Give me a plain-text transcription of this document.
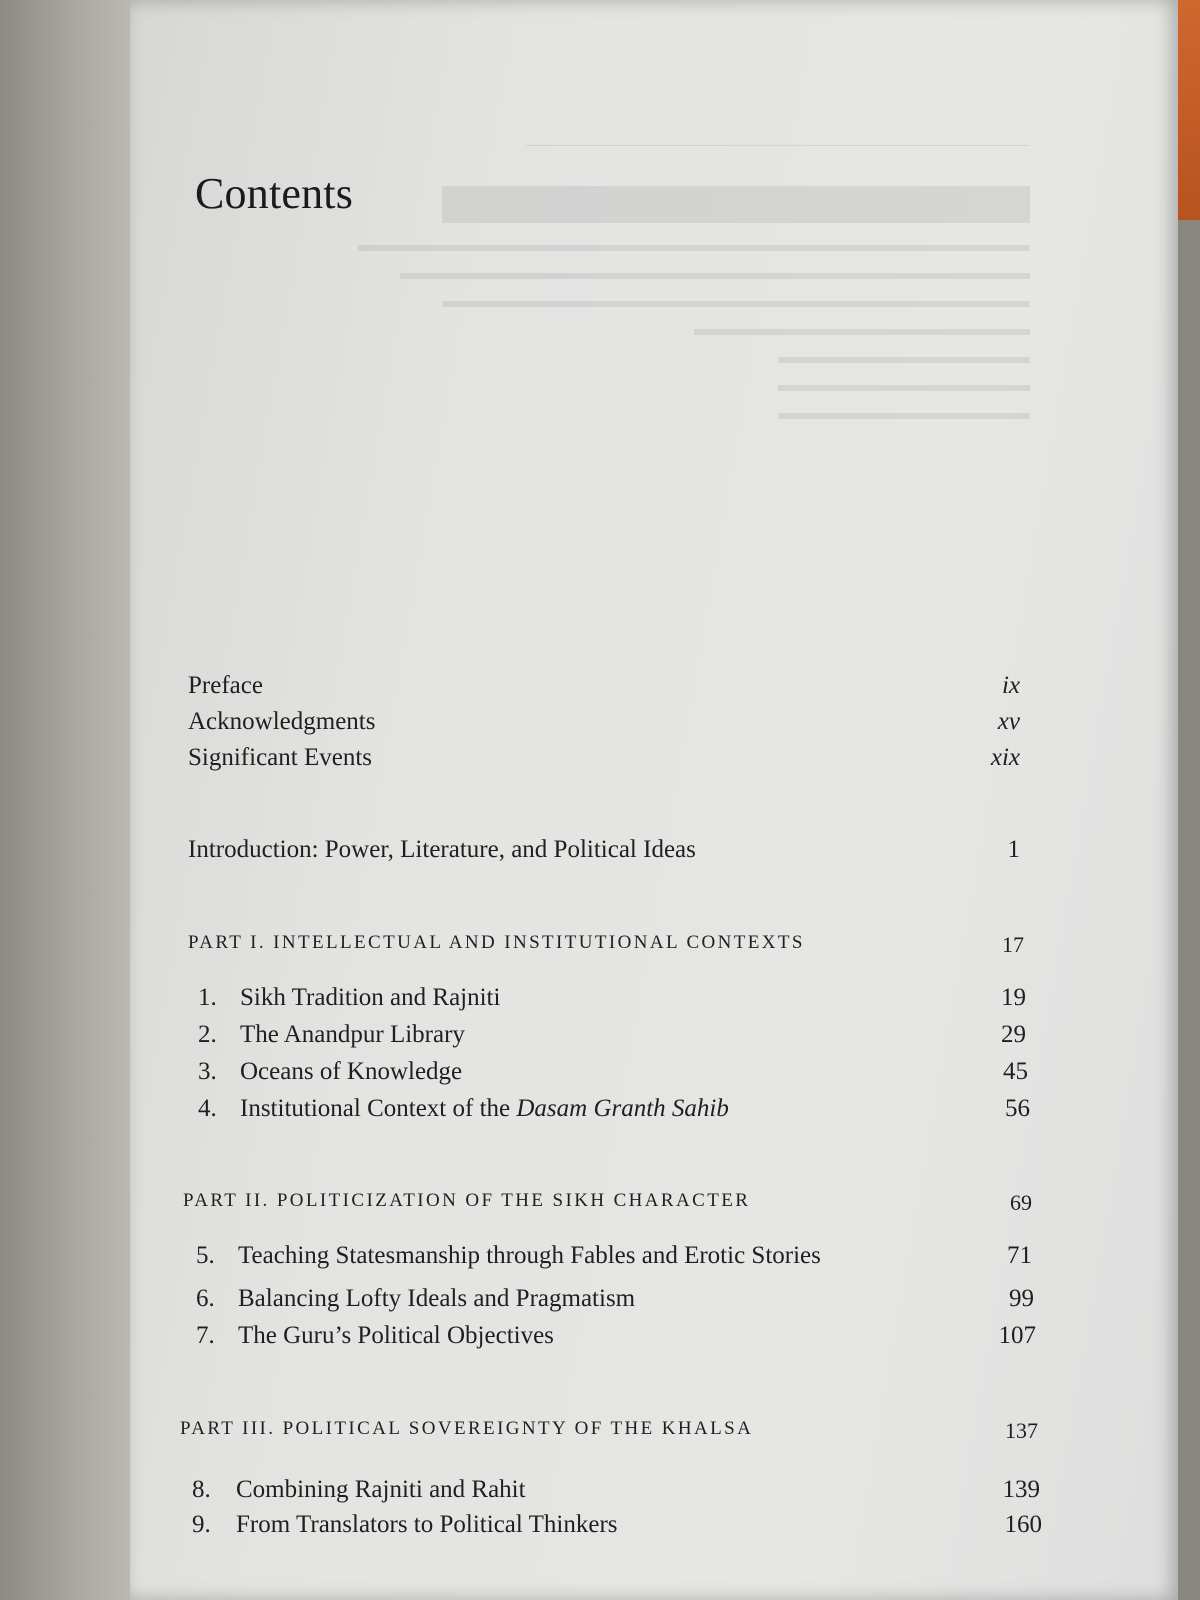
Contents
Preface	ix
Acknowledgments	xv
Significant Events	xix
Introduction: Power, Literature, and Political Ideas	1
PART I. INTELLECTUAL AND INSTITUTIONAL CONTEXTS	17
1. Sikh Tradition and Rajniti	19
2. The Anandpur Library	29
3. Oceans of Knowledge	45
4. Institutional Context of the Dasam Granth Sahib	56
PART II. POLITICIZATION OF THE SIKH CHARACTER	69
5. Teaching Statesmanship through Fables and Erotic Stories	71
6. Balancing Lofty Ideals and Pragmatism	99
7. The Guru’s Political Objectives	107
PART III. POLITICAL SOVEREIGNTY OF THE KHALSA	137
8. Combining Rajniti and Rahit	139
9. From Translators to Political Thinkers	160
